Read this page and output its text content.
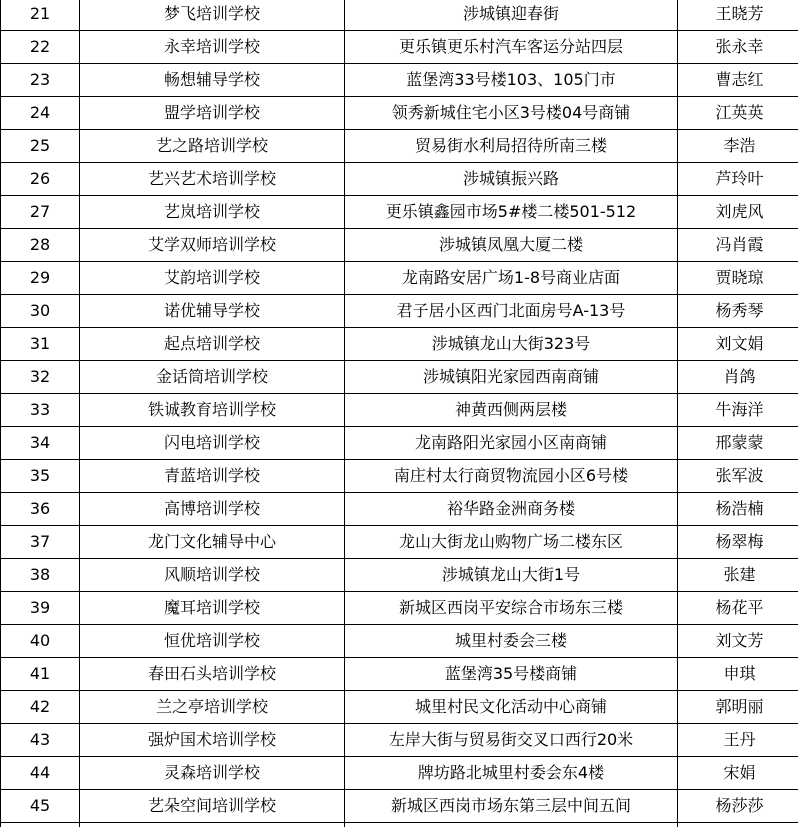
21	梦飞培训学校	涉城镇迎春街	王晓芳
22	永幸培训学校	更乐镇更乐村汽车客运分站四层	张永幸
23	畅想辅导学校	蓝堡湾33号楼103、105门市	曹志红
24	盟学培训学校	领秀新城住宅小区3号楼04号商铺	江英英
25	艺之路培训学校	贸易街水利局招待所南三楼	李浩
26	艺兴艺术培训学校	涉城镇振兴路	芦玲叶
27	艺岚培训学校	更乐镇鑫园市场5#楼二楼501-512	刘虎风
28	艾学双师培训学校	涉城镇凤凰大厦二楼	冯肖霞
29	艾韵培训学校	龙南路安居广场1-8号商业店面	贾晓琼
30	诺优辅导学校	君子居小区西门北面房号A-13号	杨秀琴
31	起点培训学校	涉城镇龙山大街323号	刘文娟
32	金话筒培训学校	涉城镇阳光家园西南商铺	肖鸽
33	铁诚教育培训学校	神黄西侧两层楼	牛海洋
34	闪电培训学校	龙南路阳光家园小区南商铺	邢蒙蒙
35	青蓝培训学校	南庄村太行商贸物流园小区6号楼	张军波
36	高博培训学校	裕华路金洲商务楼	杨浩楠
37	龙门文化辅导中心	龙山大街龙山购物广场二楼东区	杨翠梅
38	风顺培训学校	涉城镇龙山大街1号	张建
39	魔耳培训学校	新城区西岗平安综合市场东三楼	杨花平
40	恒优培训学校	城里村委会三楼	刘文芳
41	春田石头培训学校	蓝堡湾35号楼商铺	申琪
42	兰之亭培训学校	城里村民文化活动中心商铺	郭明丽
43	强炉国术培训学校	左岸大街与贸易街交叉口西行20米	王丹
44	灵森培训学校	牌坊路北城里村委会东4楼	宋娟
45	艺朵空间培训学校	新城区西岗市场东第三层中间五间	杨莎莎
